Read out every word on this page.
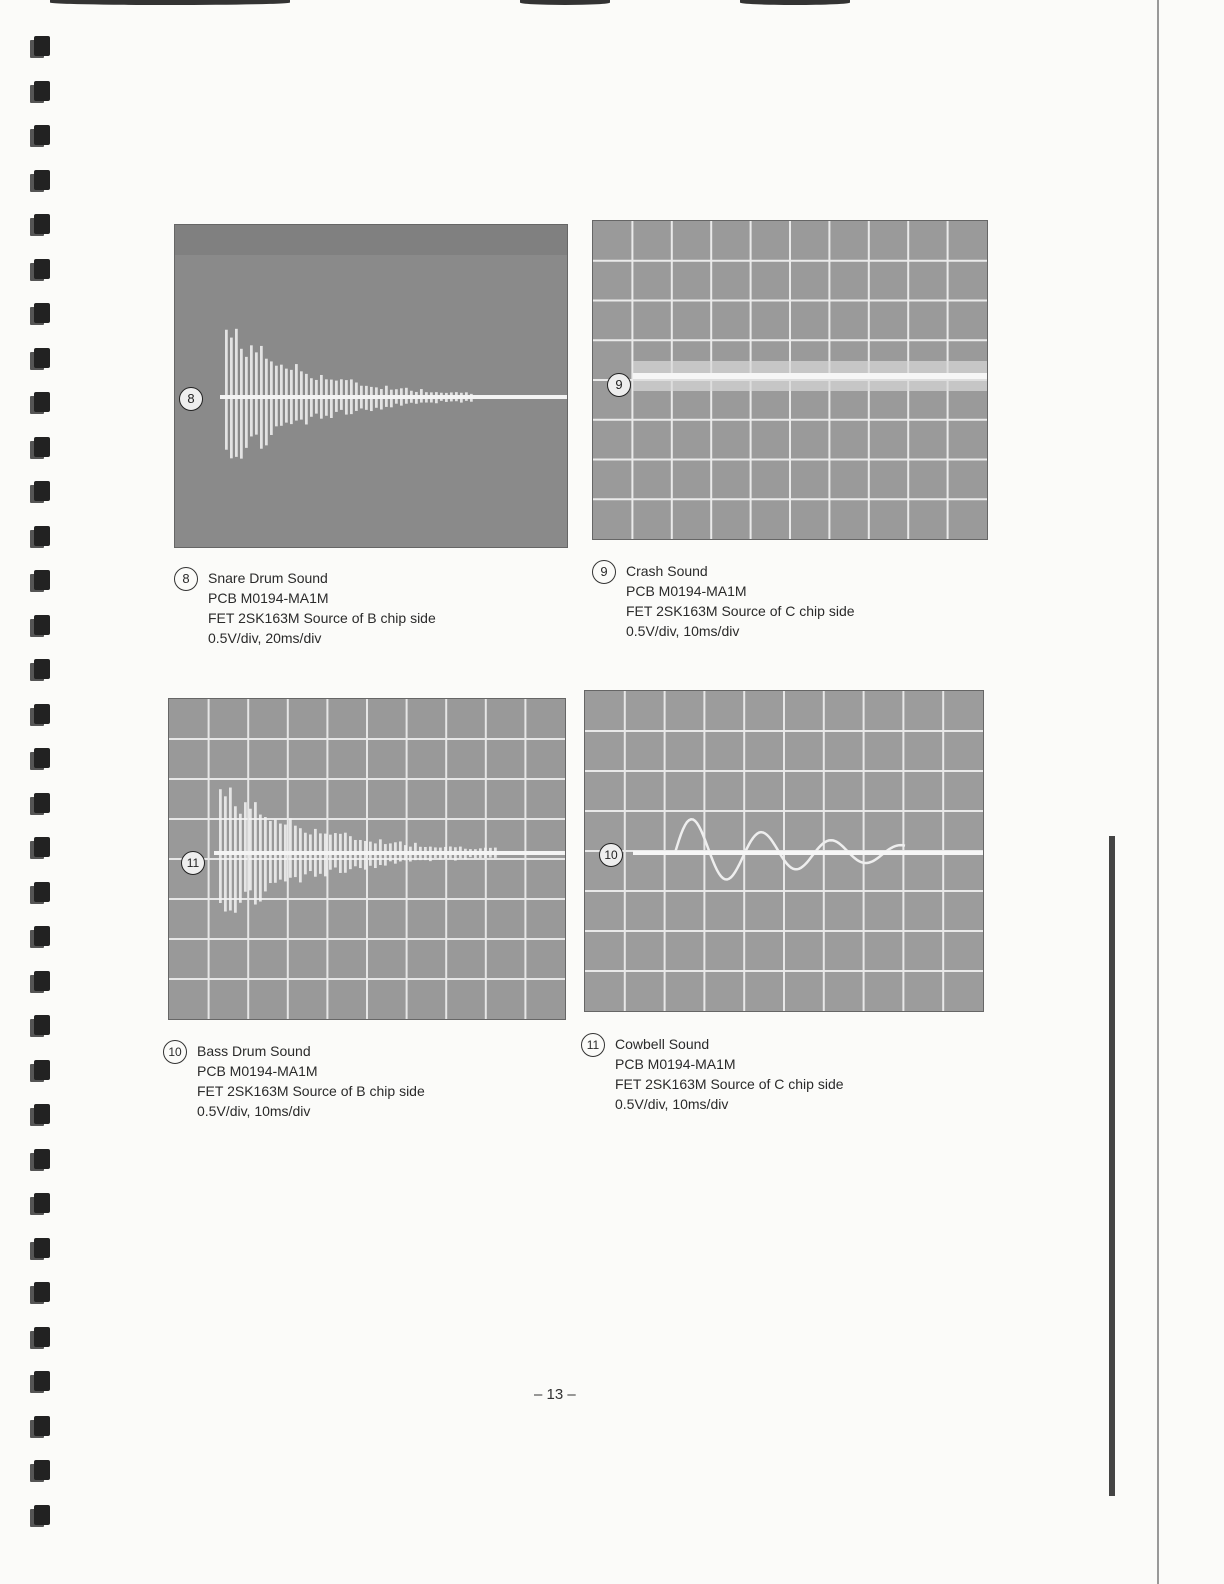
8
9
11
10
8	Snare Drum Sound
PCB M0194-MA1M
FET 2SK163M Source of B chip side
0.5V/div, 20ms/div
9	Crash Sound
PCB M0194-MA1M
FET 2SK163M Source of C chip side
0.5V/div, 10ms/div
10	Bass Drum Sound
PCB M0194-MA1M
FET 2SK163M Source of B chip side
0.5V/div, 10ms/div
11	Cowbell Sound
PCB M0194-MA1M
FET 2SK163M Source of C chip side
0.5V/div, 10ms/div
– 13 –
